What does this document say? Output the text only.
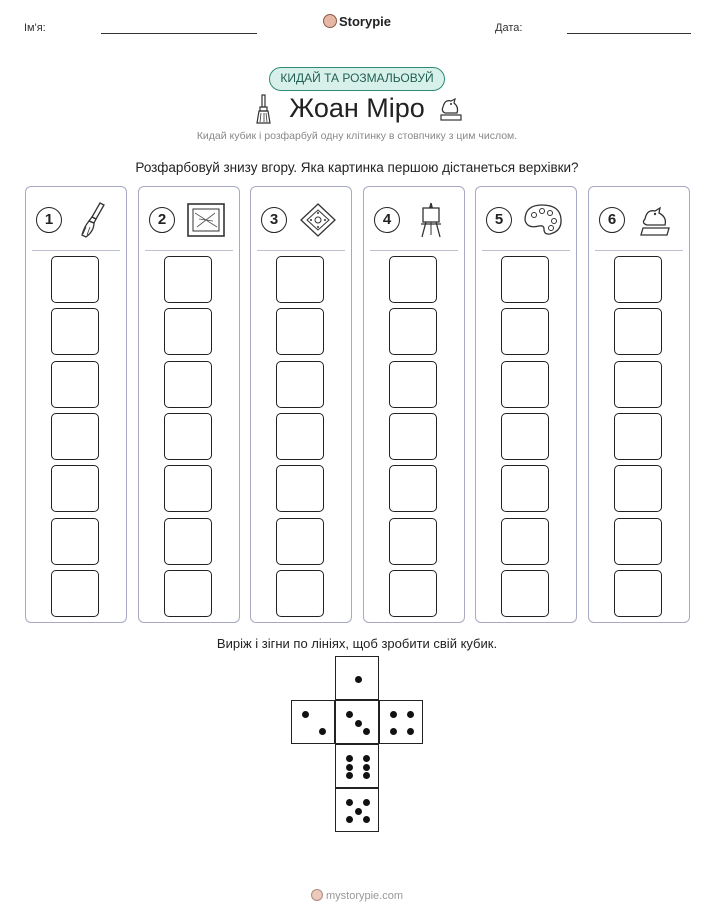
Ім'я:	Storypie	Дата:
КИДАЙ ТА РОЗМАЛЬОВУЙ
Жоан Міро
Кидай кубик і розфарбуй одну клітинку в стовпчику з цим числом.
Розфарбовуй знизу вгору. Яка картинка першою дістанеться верхівки?
1	2	3	4	5	6
Виріж і зігни по лініях, щоб зробити свій кубик.
mystorypie.com
